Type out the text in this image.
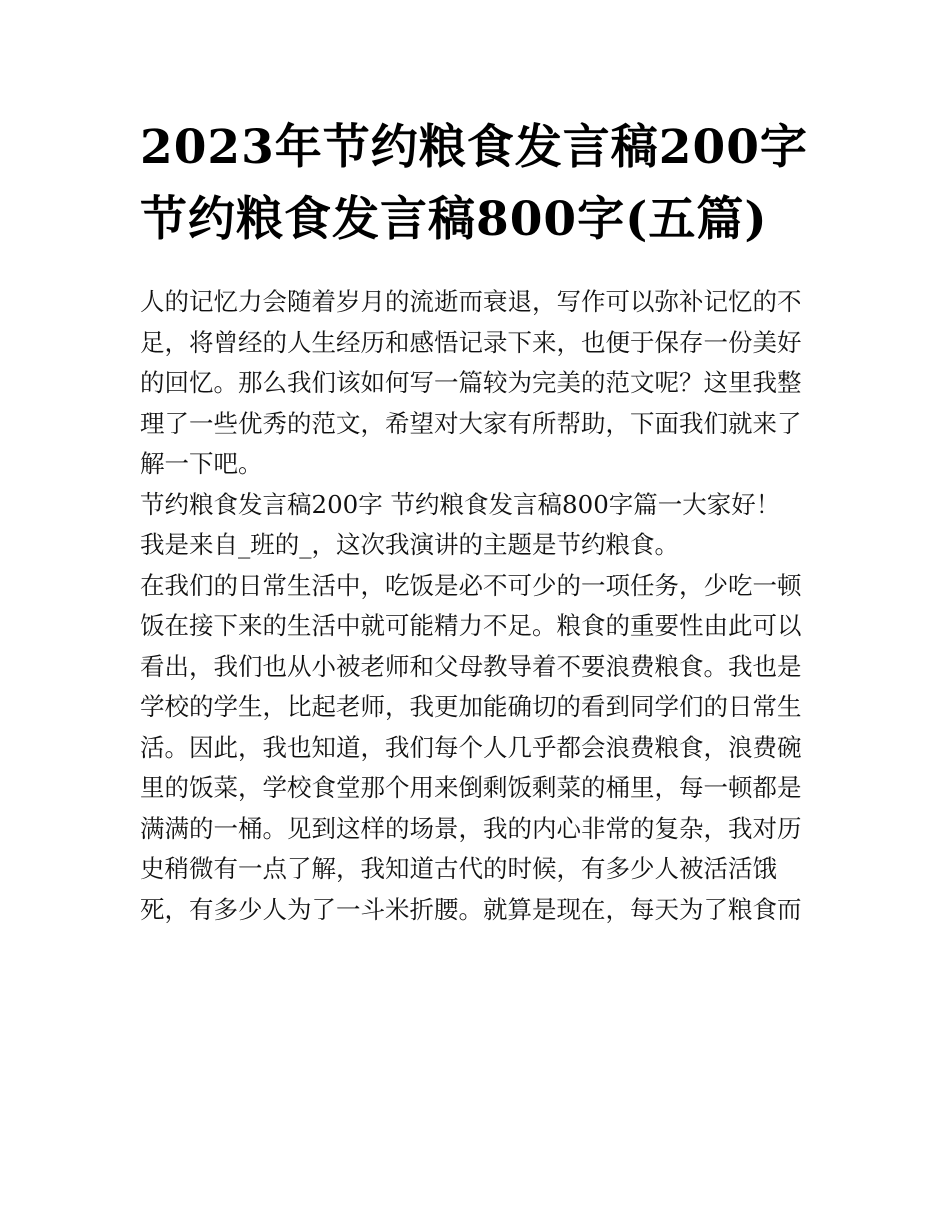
2023年节约粮食发言稿200字
节约粮食发言稿800字(五篇)
人的记忆力会随着岁月的流逝而衰退，写作可以弥补记忆的不
足，将曾经的人生经历和感悟记录下来，也便于保存一份美好
的回忆。那么我们该如何写一篇较为完美的范文呢？这里我整
理了一些优秀的范文，希望对大家有所帮助，下面我们就来了
解一下吧。
节约粮食发言稿200字 节约粮食发言稿800字篇一大家好！
我是来自_班的_，这次我演讲的主题是节约粮食。
在我们的日常生活中，吃饭是必不可少的一项任务，少吃一顿
饭在接下来的生活中就可能精力不足。粮食的重要性由此可以
看出，我们也从小被老师和父母教导着不要浪费粮食。我也是
学校的学生，比起老师，我更加能确切的看到同学们的日常生
活。因此，我也知道，我们每个人几乎都会浪费粮食，浪费碗
里的饭菜，学校食堂那个用来倒剩饭剩菜的桶里，每一顿都是
满满的一桶。见到这样的场景，我的内心非常的复杂，我对历
史稍微有一点了解，我知道古代的时候，有多少人被活活饿
死，有多少人为了一斗米折腰。就算是现在，每天为了粮食而
